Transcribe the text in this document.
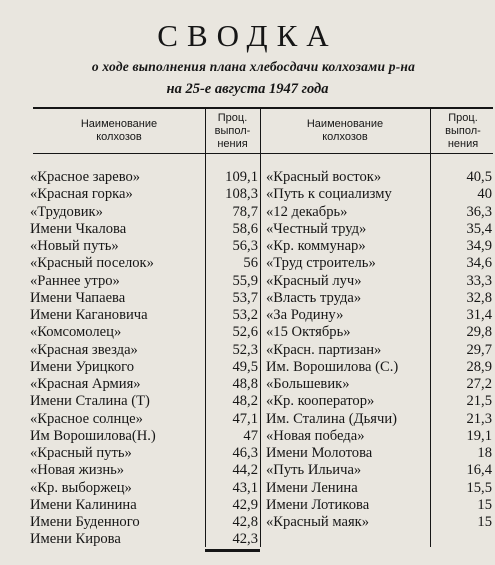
СВОДКА
о ходе выполнения плана хлебосдачи колхозами р-на
на 25-е августа 1947 года
Наименование
колхозов
Проц.
выпол-
нения
Наименование
колхозов
Проц.
выпол-
нения
«Красное зарево»	109,1 «Красный восток»	40,5
«Красная горка»	108,3 «Путь к социализму	40
«Трудовик»	78,7 «12 декабрь»	36,3
Имени Чкалова	58,6 «Честный труд»	35,4
«Новый путь»	56,3 «Кр. коммунар»	34,9
«Красный поселок»	56 «Труд строитель»	34,6
«Раннее утро»	55,9 «Красный луч»	33,3
Имени Чапаева	53,7 «Власть труда»	32,8
Имени Кагановича	53,2 «За Родину»	31,4
«Комсомолец»	52,6 «15 Октябрь»	29,8
«Красная звезда»	52,3 «Красн. партизан»	29,7
Имени Урицкого	49,5 Им. Ворошилова (С.)	28,9
«Красная Армия»	48,8 «Большевик»	27,2
Имени Сталина (Т)	48,2 «Кр. кооператор»	21,5
«Красное солнце»	47,1 Им. Сталина (Дьячи)	21,3
Им Ворошилова(Н.)	47 «Новая победа»	19,1
«Красный путь»	46,3 Имени Молотова	18
«Новая жизнь»	44,2 «Путь Ильича»	16,4
«Кр. выборжец»	43,1 Имени Ленина	15,5
Имени Калинина	42,9 Имени Лотикова	15
Имени Буденного	42,8 «Красный маяк»	15
Имени Кирова	42,3
